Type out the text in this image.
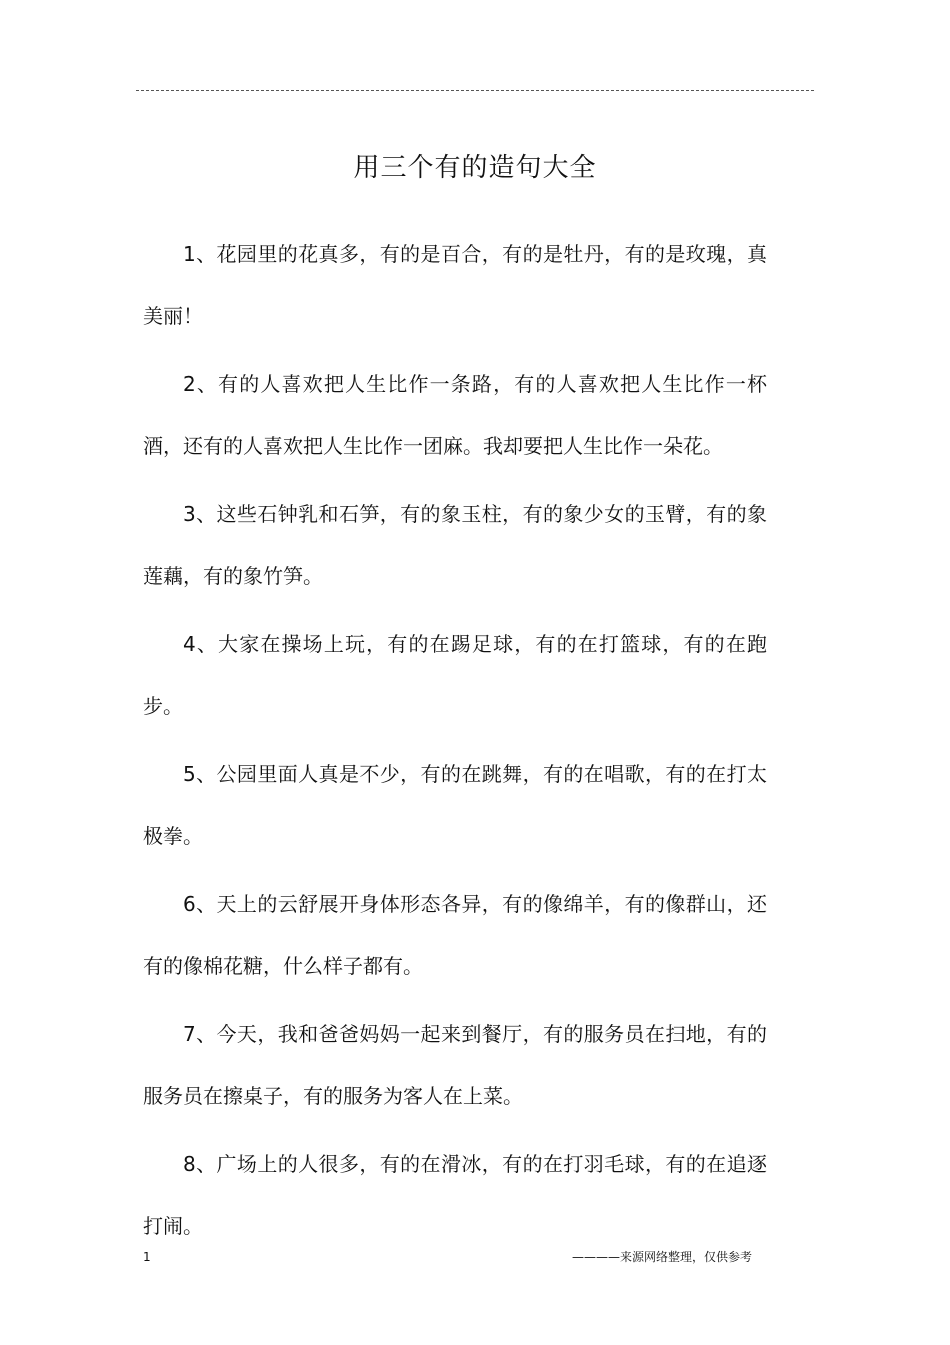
用三个有的造句大全

1、花园里的花真多，有的是百合，有的是牡丹，有的是玫瑰，真美丽！

2、有的人喜欢把人生比作一条路，有的人喜欢把人生比作一杯酒，还有的人喜欢把人生比作一团麻。我却要把人生比作一朵花。

3、这些石钟乳和石笋，有的象玉柱，有的象少女的玉臂，有的象莲藕，有的象竹笋。

4、大家在操场上玩，有的在踢足球，有的在打篮球，有的在跑步。

5、公园里面人真是不少，有的在跳舞，有的在唱歌，有的在打太极拳。

6、天上的云舒展开身体形态各异，有的像绵羊，有的像群山，还有的像棉花糖，什么样子都有。

7、今天，我和爸爸妈妈一起来到餐厅，有的服务员在扫地，有的服务员在擦桌子，有的服务为客人在上菜。

8、广场上的人很多，有的在滑冰，有的在打羽毛球，有的在追逐打闹。

1	————来源网络整理，仅供参考
